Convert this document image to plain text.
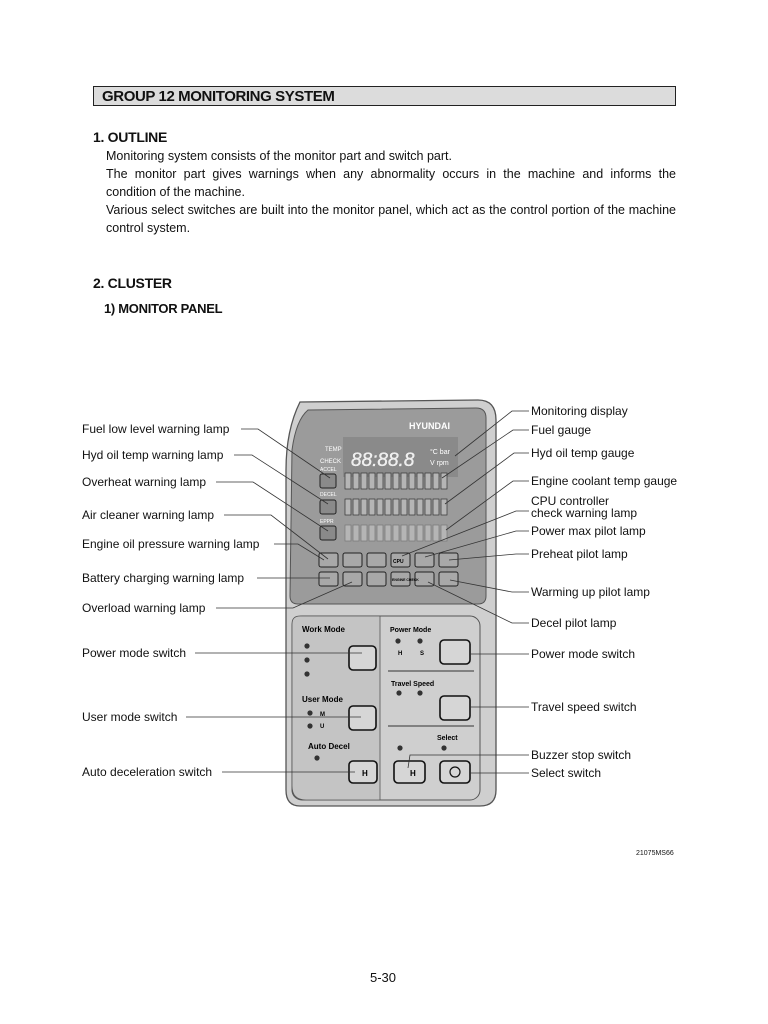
GROUP 12 MONITORING SYSTEM
1. OUTLINE
Monitoring system consists of the monitor part and switch part.
The monitor part gives warnings when any abnormality occurs in the machine and informs the
condition of the machine.
Various select switches are built into the monitor panel, which act as the control portion of the machine
control system.
2. CLUSTER
1) MONITOR PANEL
HYUNDAI
TEMP
CHECK
ACCEL
DECEL
EPPR
88:88.8 °C bar
V rpm
CPU
ENGINE CHECK
Work Mode	Power Mode
User Mode
Travel Speed
Auto Decel
Select
H	S
M
U
H	H
Fuel low level warning lamp
Hyd oil temp warning lamp
Overheat warning lamp
Air cleaner warning lamp
Engine oil pressure warning lamp
Battery charging warning lamp
Overload warning lamp
Power mode switch
User mode switch
Auto deceleration switch
Monitoring display
Fuel gauge
Hyd oil temp gauge
Engine coolant temp gauge
CPU controller
check warning lamp
Power max pilot lamp
Preheat pilot lamp
Warming up pilot lamp
Decel pilot lamp
Power mode switch
Travel speed switch
Buzzer stop switch
Select switch
21075MS66
5-30
